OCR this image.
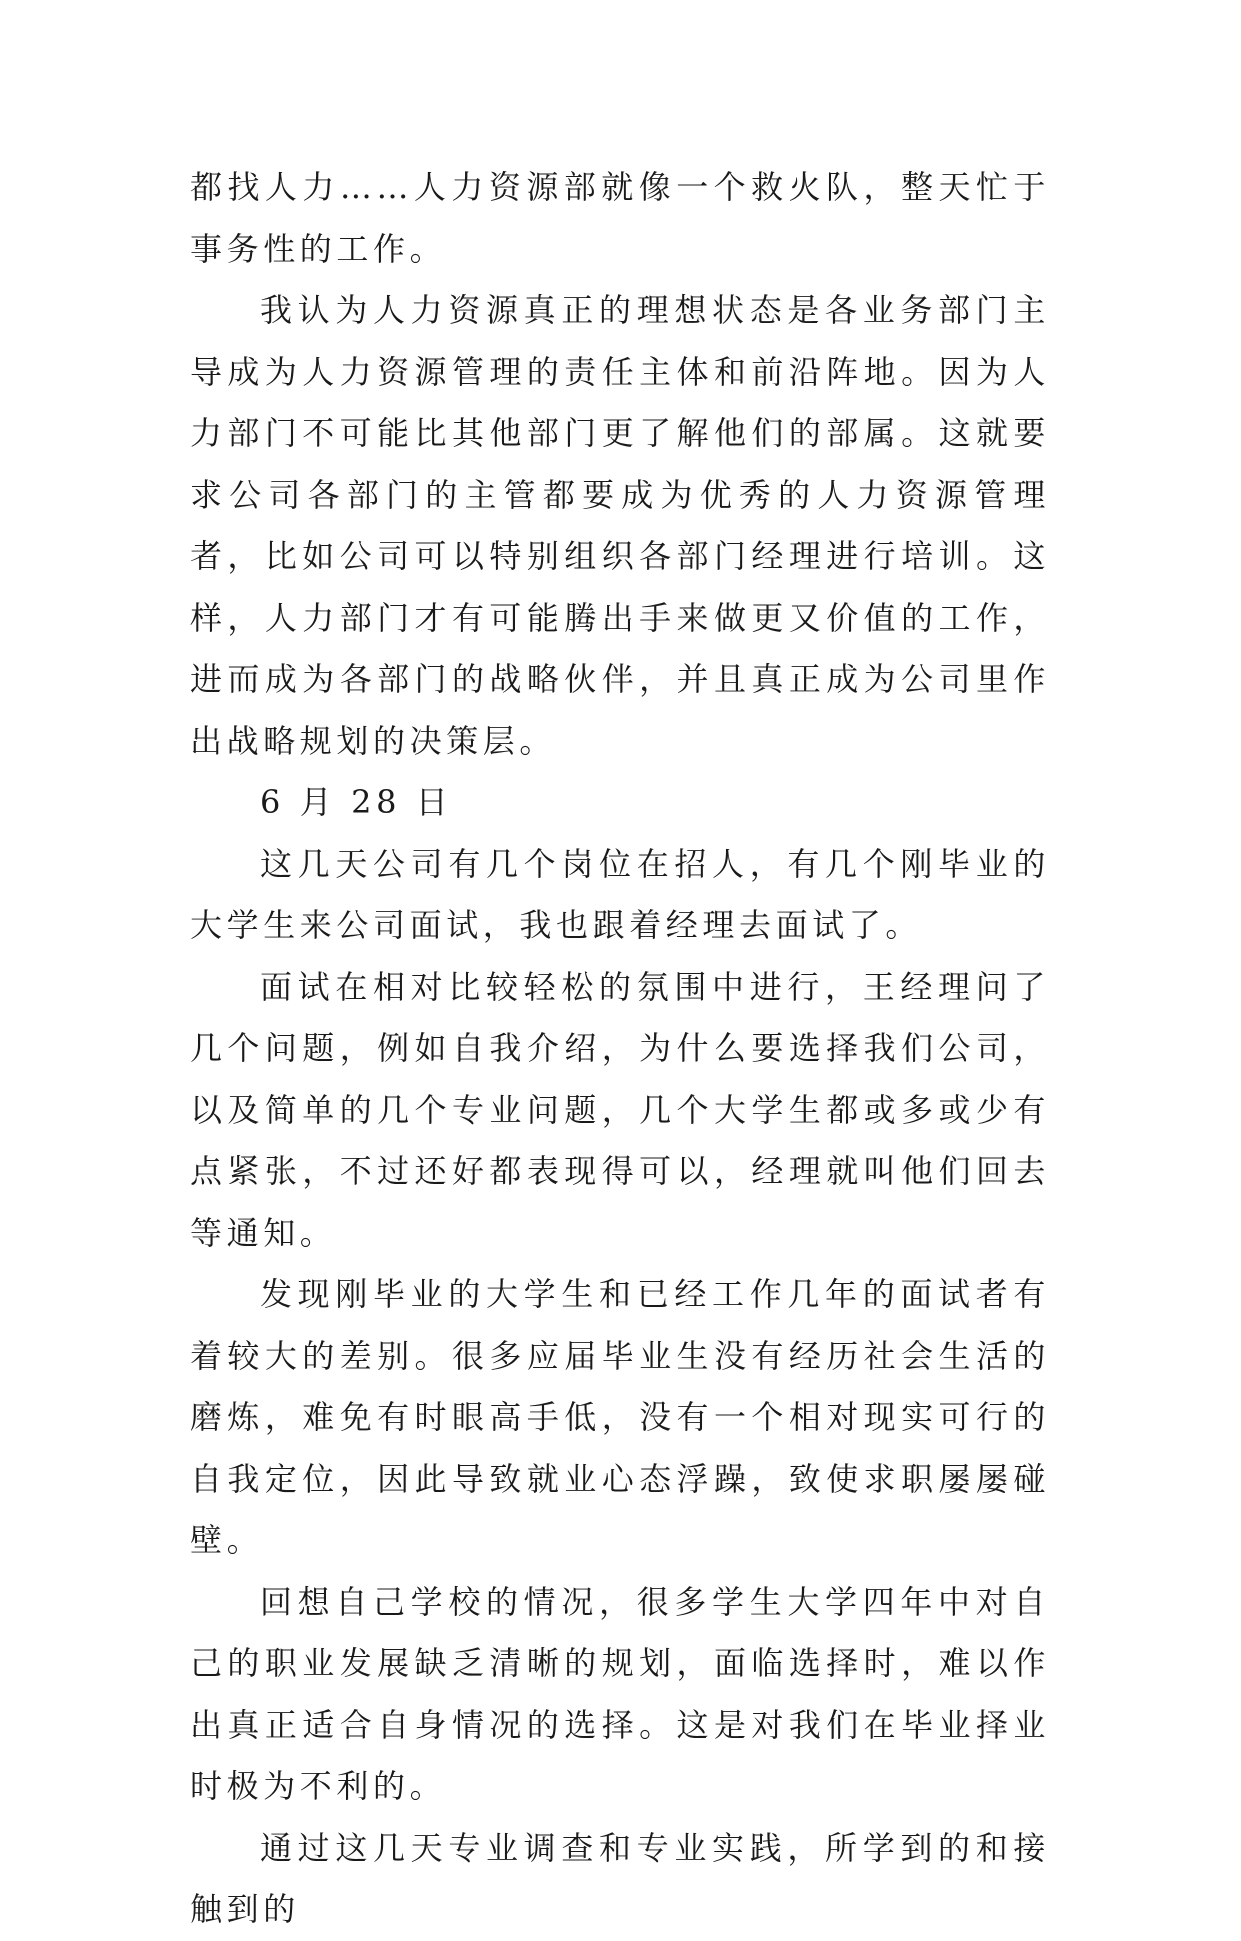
都找人力……人力资源部就像一个救火队，整天忙于事务性的工作。

我认为人力资源真正的理想状态是各业务部门主导成为人力资源管理的责任主体和前沿阵地。因为人力部门不可能比其他部门更了解他们的部属。这就要求公司各部门的主管都要成为优秀的人力资源管理者，比如公司可以特别组织各部门经理进行培训。这样，人力部门才有可能腾出手来做更又价值的工作，进而成为各部门的战略伙伴，并且真正成为公司里作出战略规划的决策层。

6 月 28 日

这几天公司有几个岗位在招人，有几个刚毕业的大学生来公司面试，我也跟着经理去面试了。

面试在相对比较轻松的氛围中进行，王经理问了几个问题，例如自我介绍，为什么要选择我们公司，以及简单的几个专业问题，几个大学生都或多或少有点紧张，不过还好都表现得可以，经理就叫他们回去等通知。

发现刚毕业的大学生和已经工作几年的面试者有着较大的差别。很多应届毕业生没有经历社会生活的磨炼，难免有时眼高手低，没有一个相对现实可行的自我定位，因此导致就业心态浮躁，致使求职屡屡碰壁。

回想自己学校的情况，很多学生大学四年中对自己的职业发展缺乏清晰的规划，面临选择时，难以作出真正适合自身情况的选择。这是对我们在毕业择业时极为不利的。

通过这几天专业调查和专业实践，所学到的和接触到的
